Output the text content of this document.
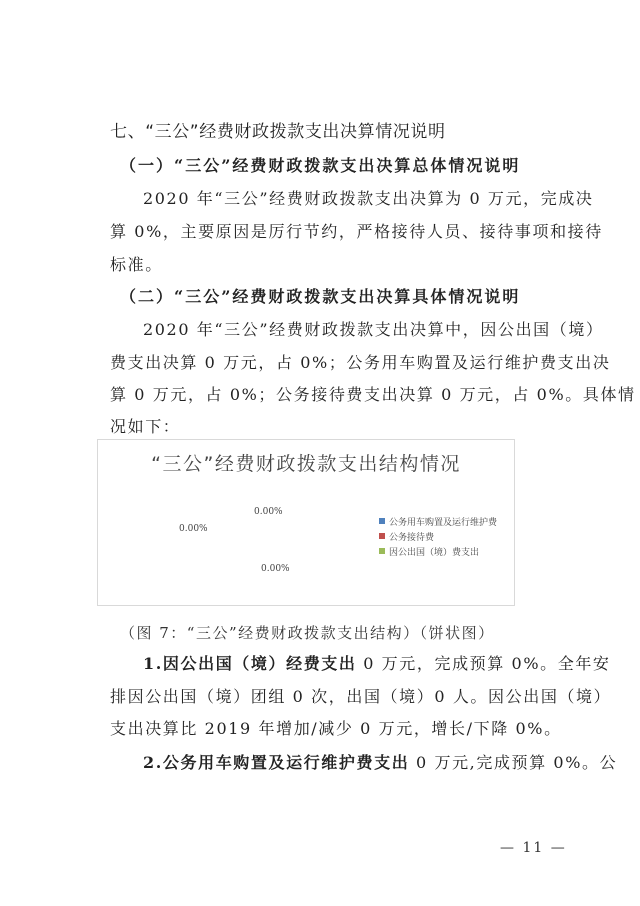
七、“三公”经费财政拨款支出决算情况说明
（一）“三公”经费财政拨款支出决算总体情况说明
2020 年“三公”经费财政拨款支出决算为 0 万元，完成决
算 0%，主要原因是厉行节约，严格接待人员、接待事项和接待
标准。
（二）“三公”经费财政拨款支出决算具体情况说明
2020 年“三公”经费财政拨款支出决算中，因公出国（境）
费支出决算 0 万元，占 0%；公务用车购置及运行维护费支出决
算 0 万元，占 0%；公务接待费支出决算 0 万元，占 0%。具体情
况如下：
“三公”经费财政拨款支出结构情况
0.00%
0.00%
0.00%
公务用车购置及运行维护费
公务接待费
因公出国（境）费支出
（图 7：“三公”经费财政拨款支出结构）（饼状图）
1.因公出国（境）经费支出 0 万元，完成预算 0%。全年安
排因公出国（境）团组 0 次，出国（境）0 人。因公出国（境）
支出决算比 2019 年增加/减少 0 万元，增长/下降 0%。
2.公务用车购置及运行维护费支出 0 万元,完成预算 0%。公
— 11 —
